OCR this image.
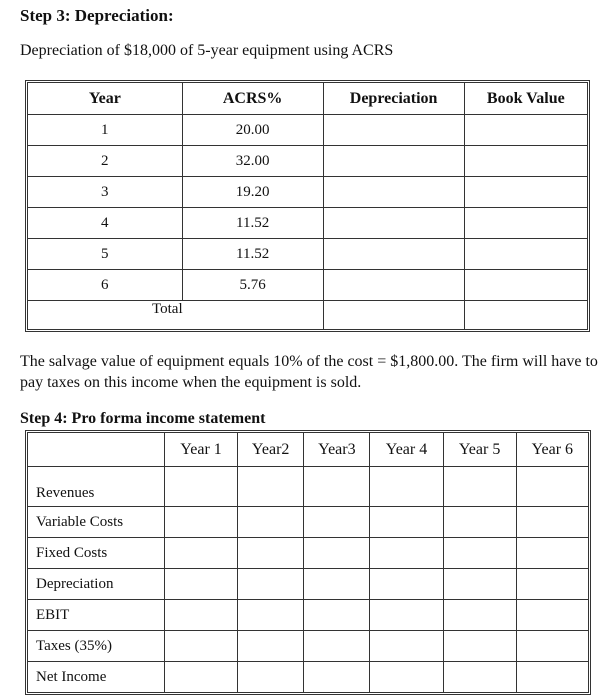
Step 3: Depreciation:
Depreciation of $18,000 of 5-year equipment using ACRS
Year	ACRS%	Depreciation	Book Value
1	20.00		
2	32.00		
3	19.20		
4	11.52		
5	11.52		
6	5.76		
Total			
The salvage value of equipment equals 10% of the cost = $1,800.00. The firm will have to pay taxes on this income when the equipment is sold.
Step 4: Pro forma income statement
	Year 1	Year2	Year3	Year 4	Year 5	Year 6
Revenues						
Variable Costs						
Fixed Costs						
Depreciation						
EBIT						
Taxes (35%)						
Net Income						
